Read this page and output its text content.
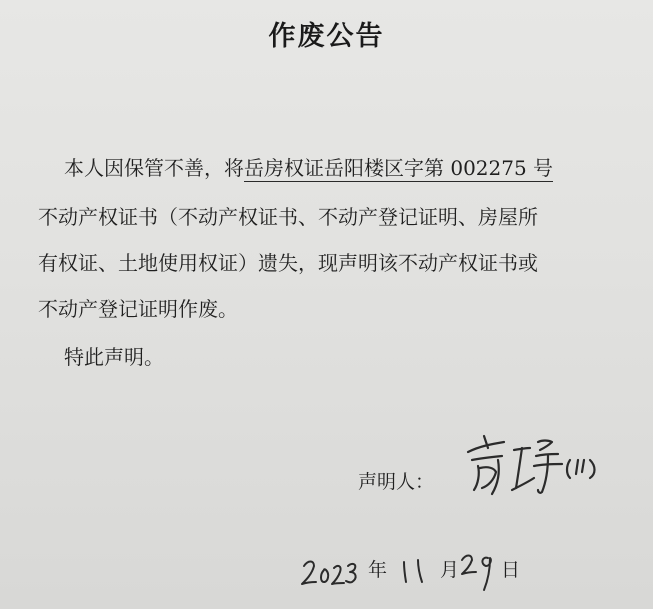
作废公告
本人因保管不善，将岳房权证岳阳楼区字第 002275 号
不动产权证书（不动产权证书、不动产登记证明、房屋所
有权证、土地使用权证）遗失，现声明该不动产权证书或
不动产登记证明作废。
特此声明。
声明人：
年	月 日
